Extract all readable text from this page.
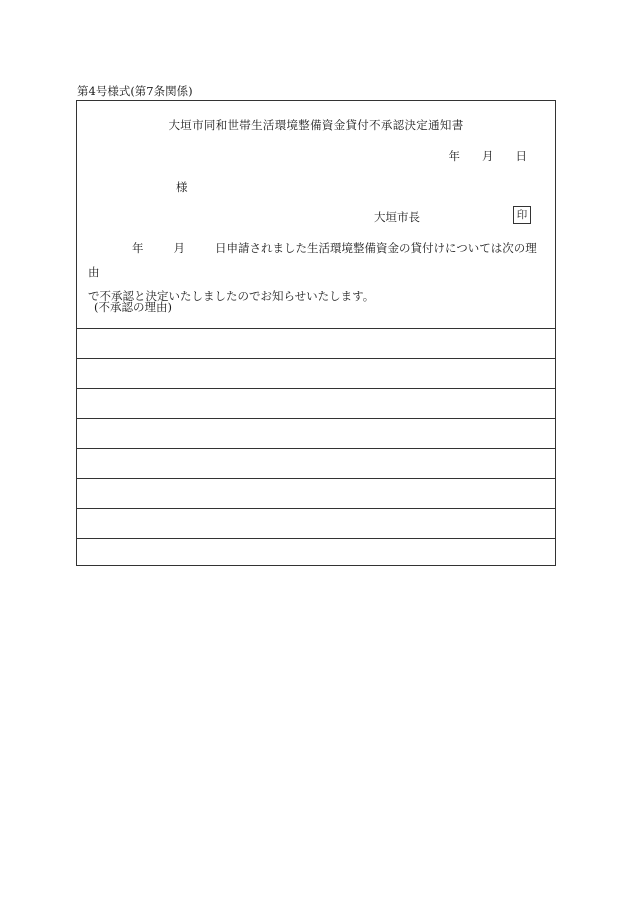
第4号様式(第7条関係)
大垣市同和世帯生活環境整備資金貸付不承認決定通知書
年 月 日
様
大垣市長	印
年	月	日申請されました生活環境整備資金の貸付けについては次の理由
で不承認と決定いたしましたのでお知らせいたします。
(不承認の理由)
